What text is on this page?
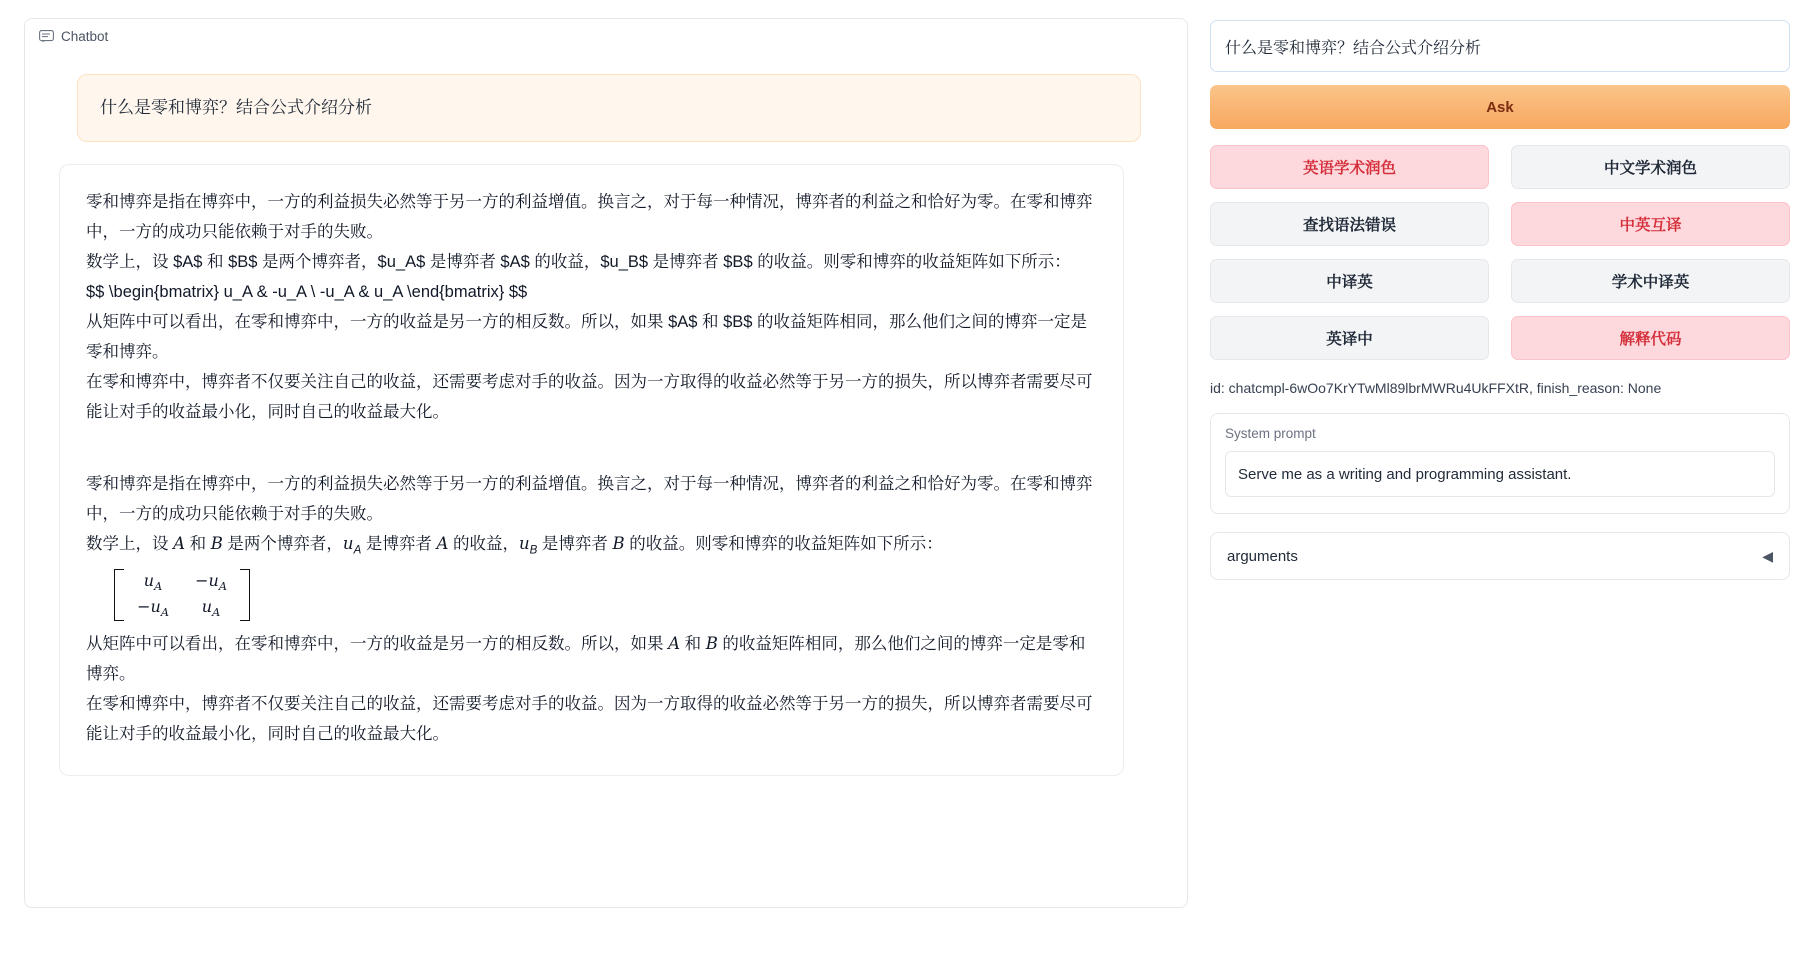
Chatbot
什么是零和博弈？结合公式介绍分析
零和博弈是指在博弈中，一方的利益损失必然等于另一方的利益增值。换言之，对于每一种情况，博弈者的利益之和恰好为零。在零和博弈中，一方的成功只能依赖于对手的失败。
数学上，设 $A$ 和 $B$ 是两个博弈者，$u_A$ 是博弈者 $A$ 的收益，$u_B$ 是博弈者 $B$ 的收益。则零和博弈的收益矩阵如下所示：
$$ \begin{bmatrix} u_A & -u_A \ -u_A & u_A \end{bmatrix} $$
从矩阵中可以看出，在零和博弈中，一方的收益是另一方的相反数。所以，如果 $A$ 和 $B$ 的收益矩阵相同，那么他们之间的博弈一定是零和博弈。
在零和博弈中，博弈者不仅要关注自己的收益，还需要考虑对手的收益。因为一方取得的收益必然等于另一方的损失，所以博弈者需要尽可能让对手的收益最小化，同时自己的收益最大化。
零和博弈是指在博弈中，一方的利益损失必然等于另一方的利益增值。换言之，对于每一种情况，博弈者的利益之和恰好为零。在零和博弈中，一方的成功只能依赖于对手的失败。
数学上，设 A 和 B 是两个博弈者，$u_A$ 是博弈者 A 的收益，$u_B$ 是博弈者 B 的收益。则零和博弈的收益矩阵如下所示：
$u_A -u_A$
$-u_A$ $u_A$
从矩阵中可以看出，在零和博弈中，一方的收益是另一方的相反数。所以，如果 A 和 B 的收益矩阵相同，那么他们之间的博弈一定是零和博弈。
在零和博弈中，博弈者不仅要关注自己的收益，还需要考虑对手的收益。因为一方取得的收益必然等于另一方的损失，所以博弈者需要尽可能让对手的收益最小化，同时自己的收益最大化。
什么是零和博弈？结合公式介绍分析
Ask
英语学术润色	中文学术润色
查找语法错误	中英互译
中译英	学术中译英
英译中	解释代码
id: chatcmpl-6wOo7KrYTwMl89lbrMWRu4UkFFXtR, finish_reason: None
System prompt
Serve me as a writing and programming assistant.
arguments	◀
